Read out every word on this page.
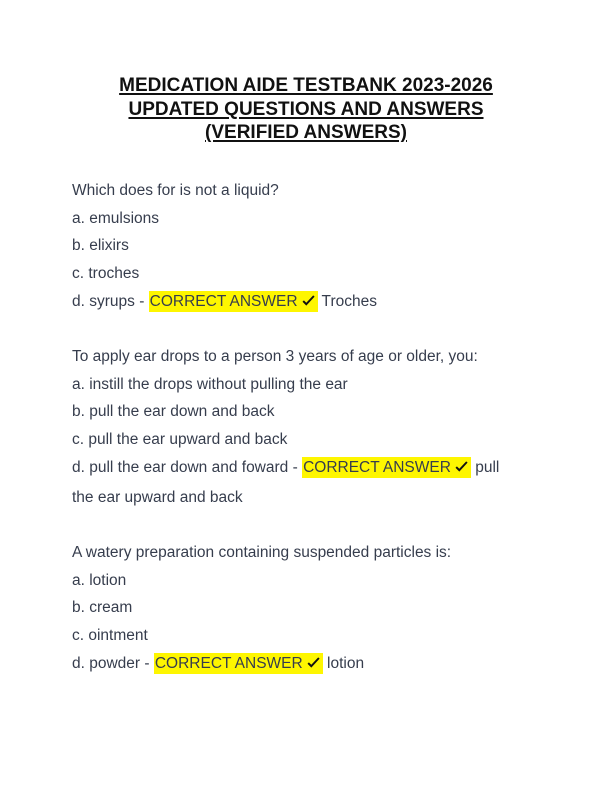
MEDICATION AIDE TESTBANK 2023-2026
UPDATED QUESTIONS AND ANSWERS
(VERIFIED ANSWERS)
Which does for is not a liquid?
a. emulsions
b. elixirs
c. troches
d. syrups - CORRECT ANSWER Troches
To apply ear drops to a person 3 years of age or older, you:
a. instill the drops without pulling the ear
b. pull the ear down and back
c. pull the ear upward and back
d. pull the ear down and foward - CORRECT ANSWER pull
the ear upward and back
A watery preparation containing suspended particles is:
a. lotion
b. cream
c. ointment
d. powder - CORRECT ANSWER lotion
